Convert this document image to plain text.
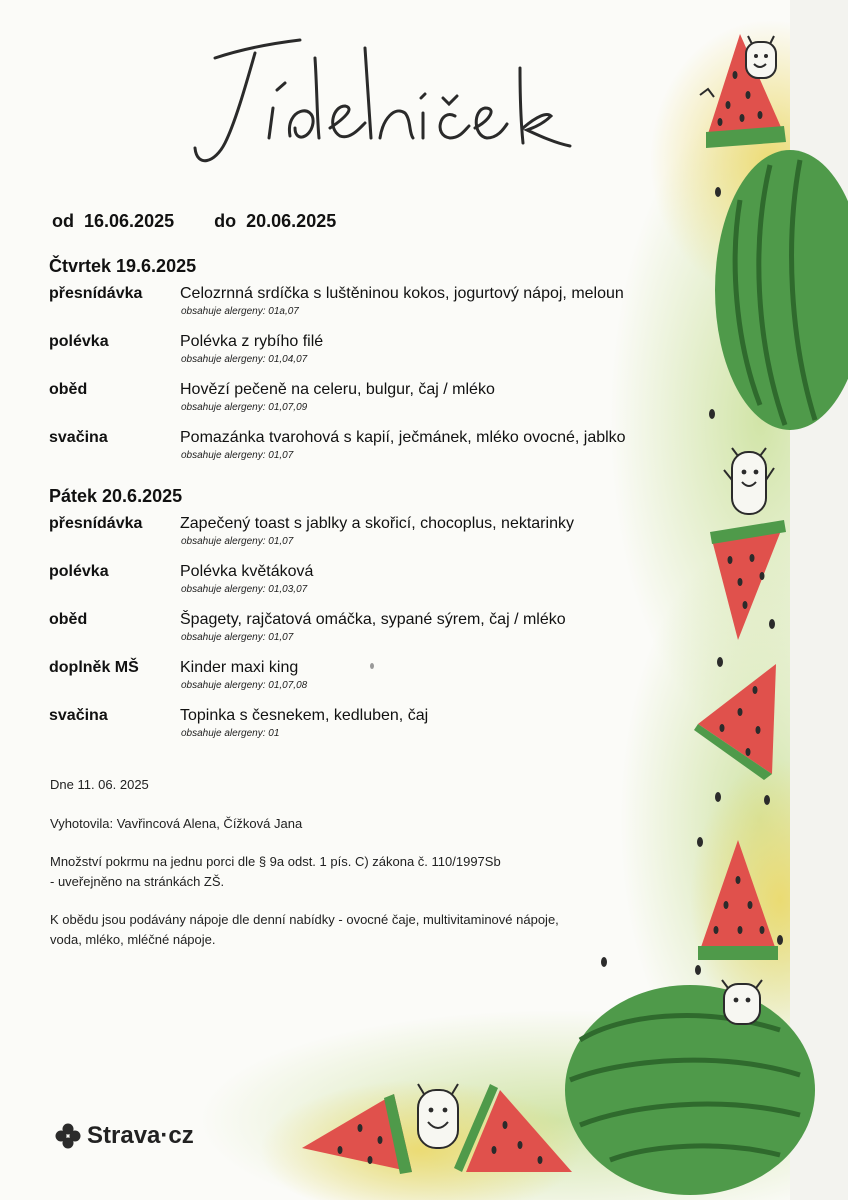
od
16.06.2025
do
20.06.2025
Čtvrtek 19.6.2025
přesnídávka Celozrnná srdíčka s luštěninou kokos, jogurtový nápoj, meloun
obsahuje alergeny: 01a,07
polévka	Polévka z rybího filé
obsahuje alergeny: 01,04,07
oběd	Hovězí pečeně na celeru, bulgur, čaj / mléko
obsahuje alergeny: 01,07,09
svačina	Pomazánka tvarohová s kapií, ječmánek, mléko ovocné, jablko
obsahuje alergeny: 01,07
Pátek 20.6.2025
přesnídávka Zapečený toast s jablky a skořicí, chocoplus, nektarinky
obsahuje alergeny: 01,07
polévka	Polévka květáková
obsahuje alergeny: 01,03,07
oběd	Špagety, rajčatová omáčka, sypané sýrem, čaj / mléko
obsahuje alergeny: 01,07
doplněk MŠ	Kinder maxi king
obsahuje alergeny: 01,07,08
svačina	Topinka s česnekem, kedluben, čaj
obsahuje alergeny: 01
Dne 11. 06. 2025
Vyhotovila: Vavřincová Alena, Čížková Jana
Množství pokrmu na jednu porci dle § 9a odst. 1 pís. C) zákona č. 110/1997Sb
- uveřejněno na stránkách ZŠ.
K obědu jsou podávány nápoje dle denní nabídky - ovocné čaje, multivitaminové nápoje,
voda, mléko, mléčné nápoje.
Strava·cz
